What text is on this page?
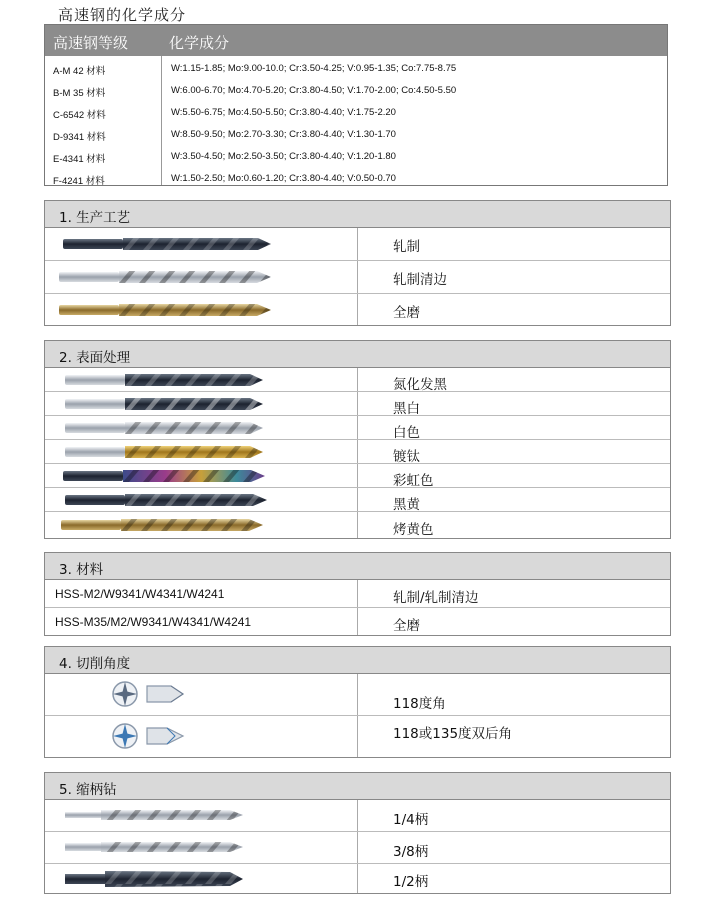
高速钢的化学成分
高速钢等级	化学成分
A-M 42 材料	W:1.15-1.85; Mo:9.00-10.0; Cr:3.50-4.25; V:0.95-1.35; Co:7.75-8.75
B-M 35 材料	W:6.00-6.70; Mo:4.70-5.20; Cr:3.80-4.50; V:1.70-2.00; Co:4.50-5.50
C-6542 材料	W:5.50-6.75; Mo:4.50-5.50; Cr:3.80-4.40; V:1.75-2.20
D-9341 材料	W:8.50-9.50; Mo:2.70-3.30; Cr:3.80-4.40; V:1.30-1.70
E-4341 材料	W:3.50-4.50; Mo:2.50-3.50; Cr:3.80-4.40; V:1.20-1.80
F-4241 材料	W:1.50-2.50; Mo:0.60-1.20; Cr:3.80-4.40; V:0.50-0.70
1. 生产工艺
轧制
轧制清边
全磨
2. 表面处理
氮化发黑
黑白
白色
镀钛
彩虹色
黑黄
烤黄色
3. 材料
HSS-M2/W9341/W4341/W4241	轧制/轧制清边
HSS-M35/M2/W9341/W4341/W4241	全磨
4. 切削角度
118度角
118或135度双后角
5. 缩柄钻
1/4柄
3/8柄
1/2柄
